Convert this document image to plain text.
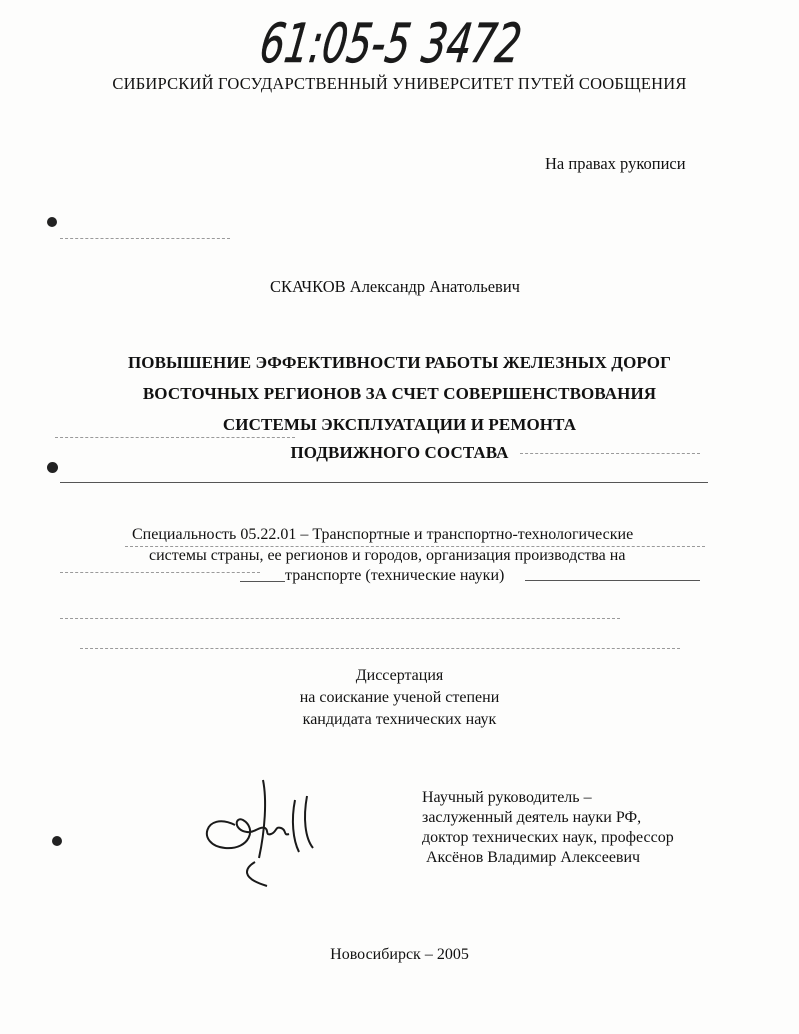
61:05-5 3472
СИБИРСКИЙ ГОСУДАРСТВЕННЫЙ УНИВЕРСИТЕТ ПУТЕЙ СООБЩЕНИЯ
На правах рукописи
СКАЧКОВ Александр Анатольевич
ПОВЫШЕНИЕ ЭФФЕКТИВНОСТИ РАБОТЫ ЖЕЛЕЗНЫХ ДОРОГ
ВОСТОЧНЫХ РЕГИОНОВ ЗА СЧЕТ СОВЕРШЕНСТВОВАНИЯ
СИСТЕМЫ ЭКСПЛУАТАЦИИ И РЕМОНТА
ПОДВИЖНОГО СОСТАВА
Специальность 05.22.01 – Транспортные и транспортно-технологические
системы страны, ее регионов и городов, организация производства на
транспорте (технические науки)
Диссертация
на соискание ученой степени
кандидата технических наук
Научный руководитель –
заслуженный деятель науки РФ,
доктор технических наук, профессор
Аксёнов Владимир Алексеевич
Новосибирск – 2005
